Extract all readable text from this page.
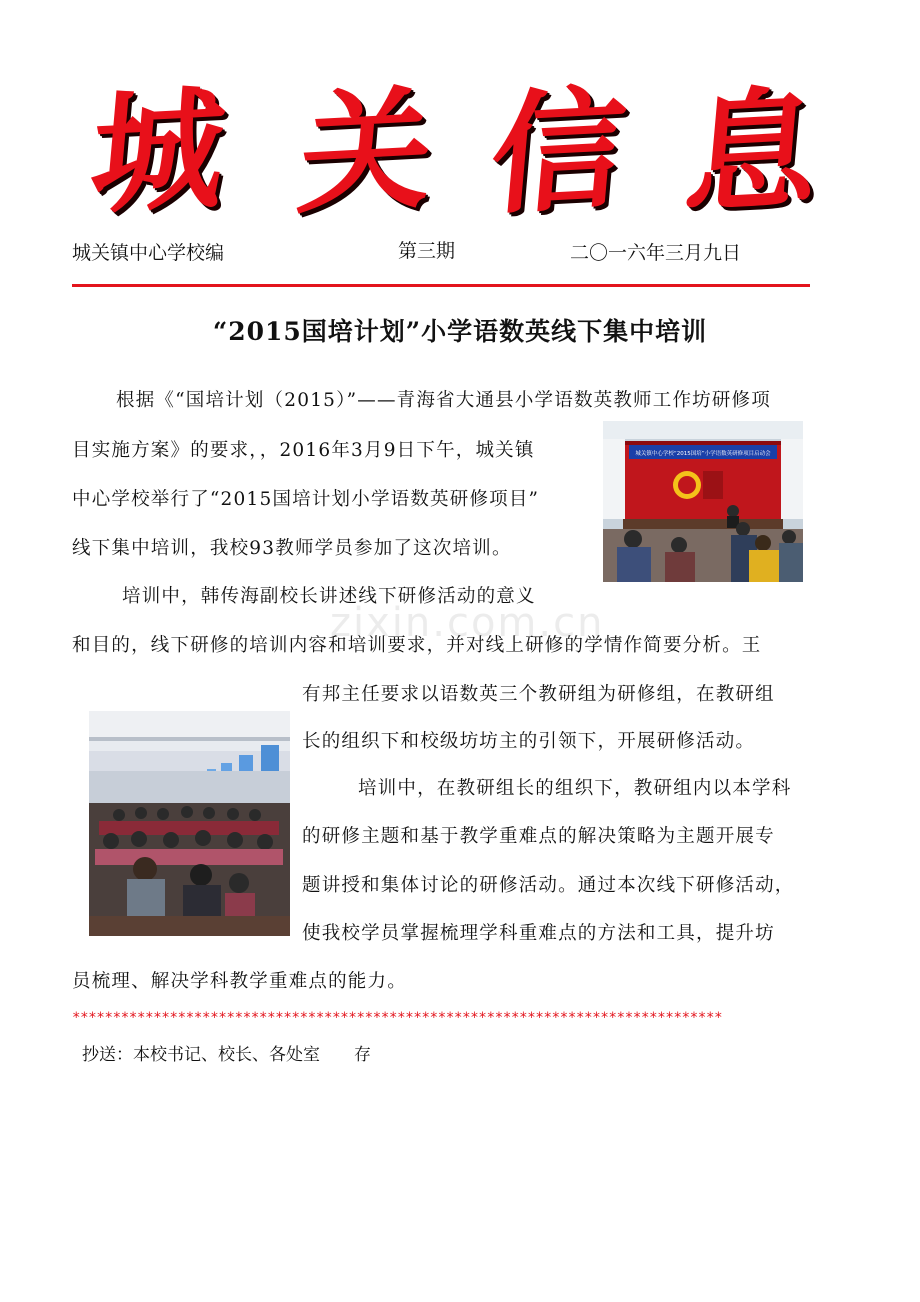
zixin.com.cn
城 关 信 息
城关镇中心学校编	第三期	二〇一六年三月九日
“2015国培计划”小学语数英线下集中培训
根据《“国培计划（2015）”——青海省大通县小学语数英教师工作坊研修项
目实施方案》的要求，，2016年3月9日下午，城关镇
中心学校举行了“2015国培计划小学语数英研修项目”
线下集中培训，我校93教师学员参加了这次培训。
培训中，韩传海副校长讲述线下研修活动的意义
和目的，线下研修的培训内容和培训要求，并对线上研修的学情作简要分析。王
有邦主任要求以语数英三个教研组为研修组，在教研组
长的组织下和校级坊坊主的引领下，开展研修活动。
培训中，在教研组长的组织下，教研组内以本学科
的研修主题和基于教学重难点的解决策略为主题开展专
题讲授和集体讨论的研修活动。通过本次线下研修活动，
使我校学员掌握梳理学科重难点的方法和工具，提升坊
员梳理、解决学科教学重难点的能力。
城关镇中心学校“2015国培”小学语数英研修项目启动会
********************************************************************************
抄送：本校书记、校长、各处室　　存
